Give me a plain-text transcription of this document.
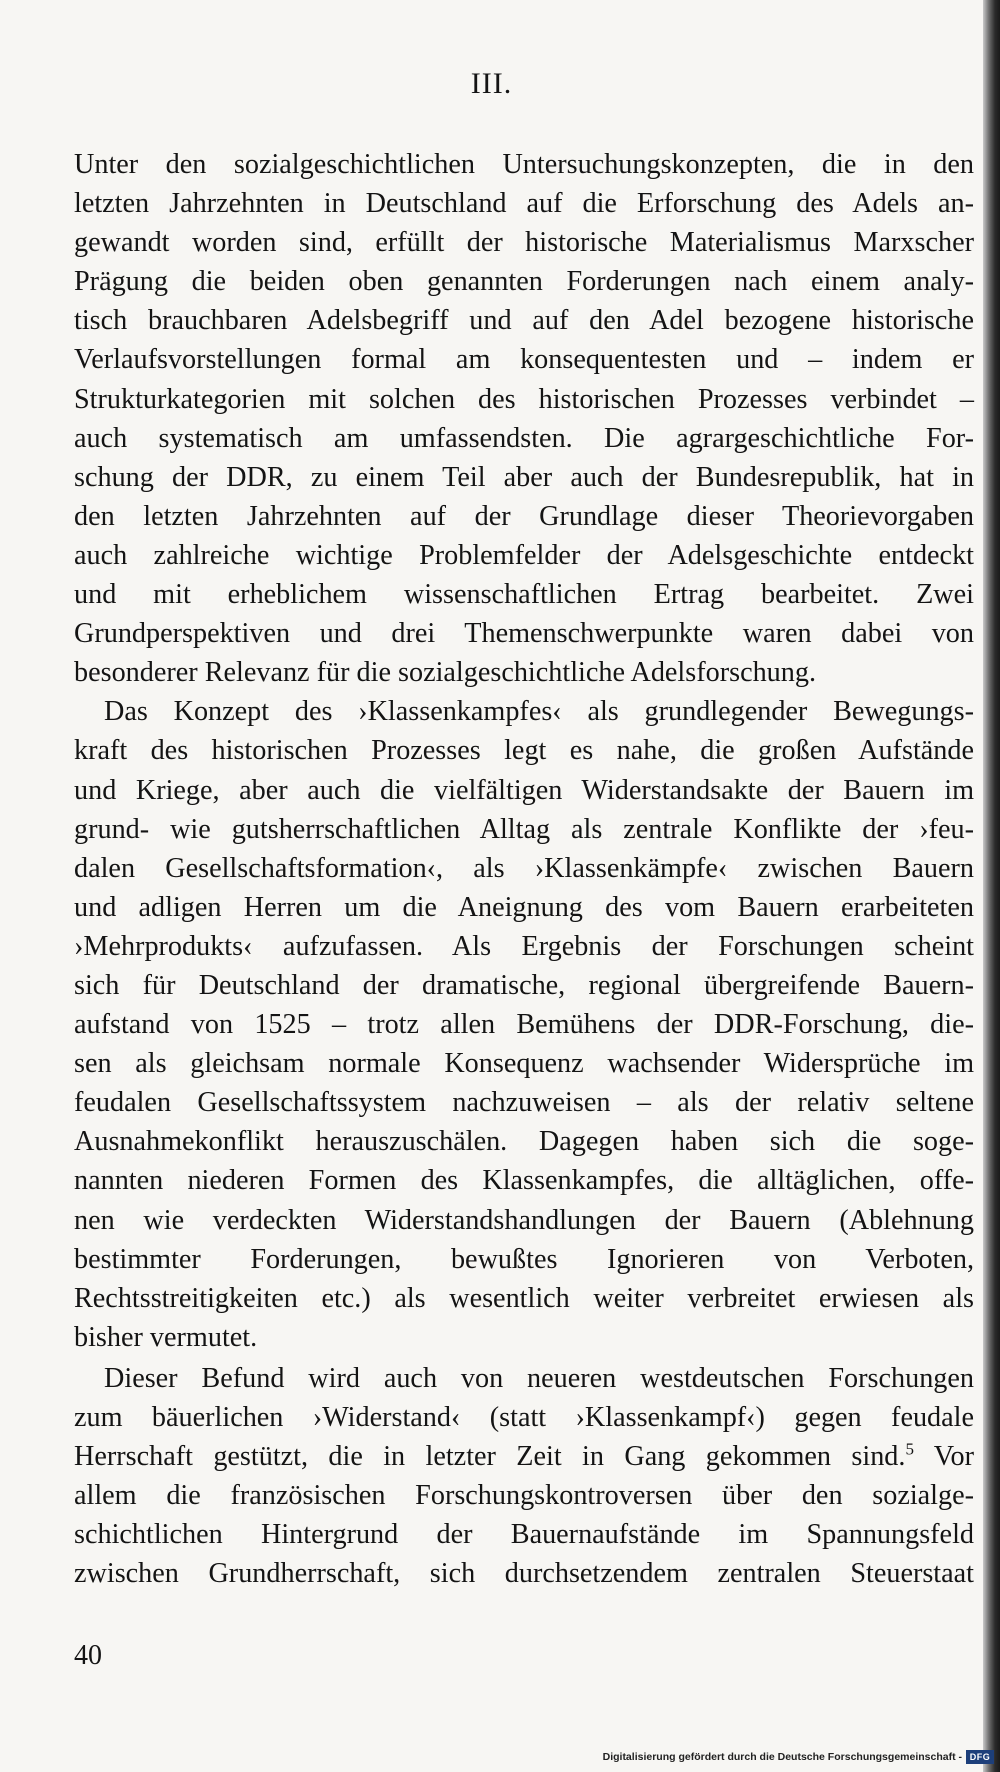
III.
Unter den sozialgeschichtlichen Untersuchungskonzepten, die in den
letzten Jahrzehnten in Deutschland auf die Erforschung des Adels an-
gewandt worden sind, erfüllt der historische Materialismus Marxscher
Prägung die beiden oben genannten Forderungen nach einem analy-
tisch brauchbaren Adelsbegriff und auf den Adel bezogene historische
Verlaufsvorstellungen formal am konsequentesten und – indem er
Strukturkategorien mit solchen des historischen Prozesses verbindet –
auch systematisch am umfassendsten. Die agrargeschichtliche For-
schung der DDR, zu einem Teil aber auch der Bundesrepublik, hat in
den letzten Jahrzehnten auf der Grundlage dieser Theorievorgaben
auch zahlreiche wichtige Problemfelder der Adelsgeschichte entdeckt
und mit erheblichem wissenschaftlichen Ertrag bearbeitet. Zwei
Grundperspektiven und drei Themenschwerpunkte waren dabei von
besonderer Relevanz für die sozialgeschichtliche Adelsforschung.
Das Konzept des ›Klassenkampfes‹ als grundlegender Bewegungs-
kraft des historischen Prozesses legt es nahe, die großen Aufstände
und Kriege, aber auch die vielfältigen Widerstandsakte der Bauern im
grund- wie gutsherrschaftlichen Alltag als zentrale Konflikte der ›feu-
dalen Gesellschaftsformation‹, als ›Klassenkämpfe‹ zwischen Bauern
und adligen Herren um die Aneignung des vom Bauern erarbeiteten
›Mehrprodukts‹ aufzufassen. Als Ergebnis der Forschungen scheint
sich für Deutschland der dramatische, regional übergreifende Bauern-
aufstand von 1525 – trotz allen Bemühens der DDR-Forschung, die-
sen als gleichsam normale Konsequenz wachsender Widersprüche im
feudalen Gesellschaftssystem nachzuweisen – als der relativ seltene
Ausnahmekonflikt herauszuschälen. Dagegen haben sich die soge-
nannten niederen Formen des Klassenkampfes, die alltäglichen, offe-
nen wie verdeckten Widerstandshandlungen der Bauern (Ablehnung
bestimmter Forderungen, bewußtes Ignorieren von Verboten,
Rechtsstreitigkeiten etc.) als wesentlich weiter verbreitet erwiesen als
bisher vermutet.
Dieser Befund wird auch von neueren westdeutschen Forschungen
zum bäuerlichen ›Widerstand‹ (statt ›Klassenkampf‹) gegen feudale
Herrschaft gestützt, die in letzter Zeit in Gang gekommen sind.$^5$ Vor
allem die französischen Forschungskontroversen über den sozialge-
schichtlichen Hintergrund der Bauernaufstände im Spannungsfeld
zwischen Grundherrschaft, sich durchsetzendem zentralen Steuerstaat
40
Digitalisierung gefördert durch die Deutsche Forschungsgemeinschaft - DFG
